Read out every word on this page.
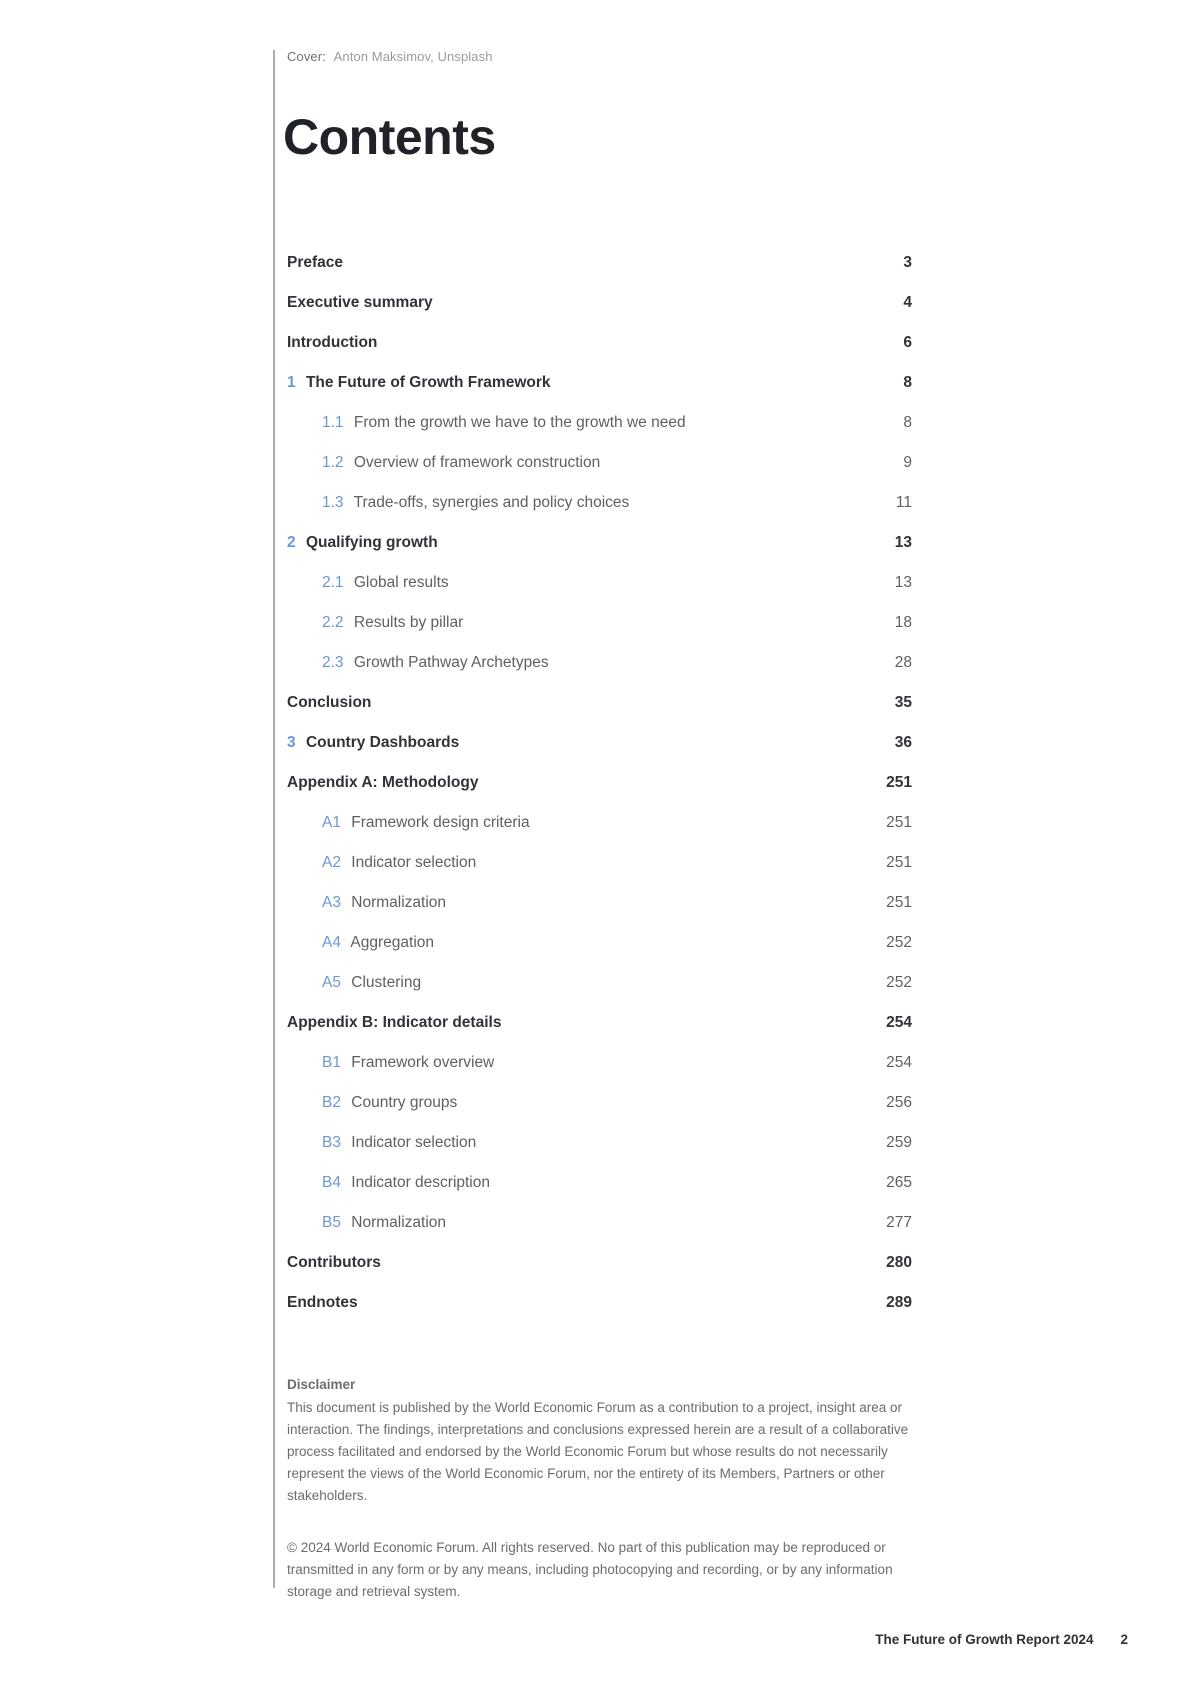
Cover: Anton Maksimov, Unsplash
Contents
Preface	3
Executive summary	4
Introduction	6
1 The Future of Growth Framework	8
1.1 From the growth we have to the growth we need	8
1.2 Overview of framework construction	9
1.3 Trade-offs, synergies and policy choices	11
2 Qualifying growth	13
2.1 Global results	13
2.2 Results by pillar	18
2.3 Growth Pathway Archetypes	28
Conclusion	35
3 Country Dashboards	36
Appendix A: Methodology	251
A1 Framework design criteria	251
A2 Indicator selection	251
A3 Normalization	251
A4 Aggregation	252
A5 Clustering	252
Appendix B: Indicator details	254
B1 Framework overview	254
B2 Country groups	256
B3 Indicator selection	259
B4 Indicator description	265
B5 Normalization	277
Contributors	280
Endnotes	289

Disclaimer

This document is published by the World Economic Forum as a contribution to a project, insight area or interaction. The findings, interpretations and conclusions expressed herein are a result of a collaborative process facilitated and endorsed by the World Economic Forum but whose results do not necessarily represent the views of the World Economic Forum, nor the entirety of its Members, Partners or other stakeholders.

© 2024 World Economic Forum. All rights reserved. No part of this publication may be reproduced or transmitted in any form or by any means, including photocopying and recording, or by any information storage and retrieval system.

The Future of Growth Report 2024 2
